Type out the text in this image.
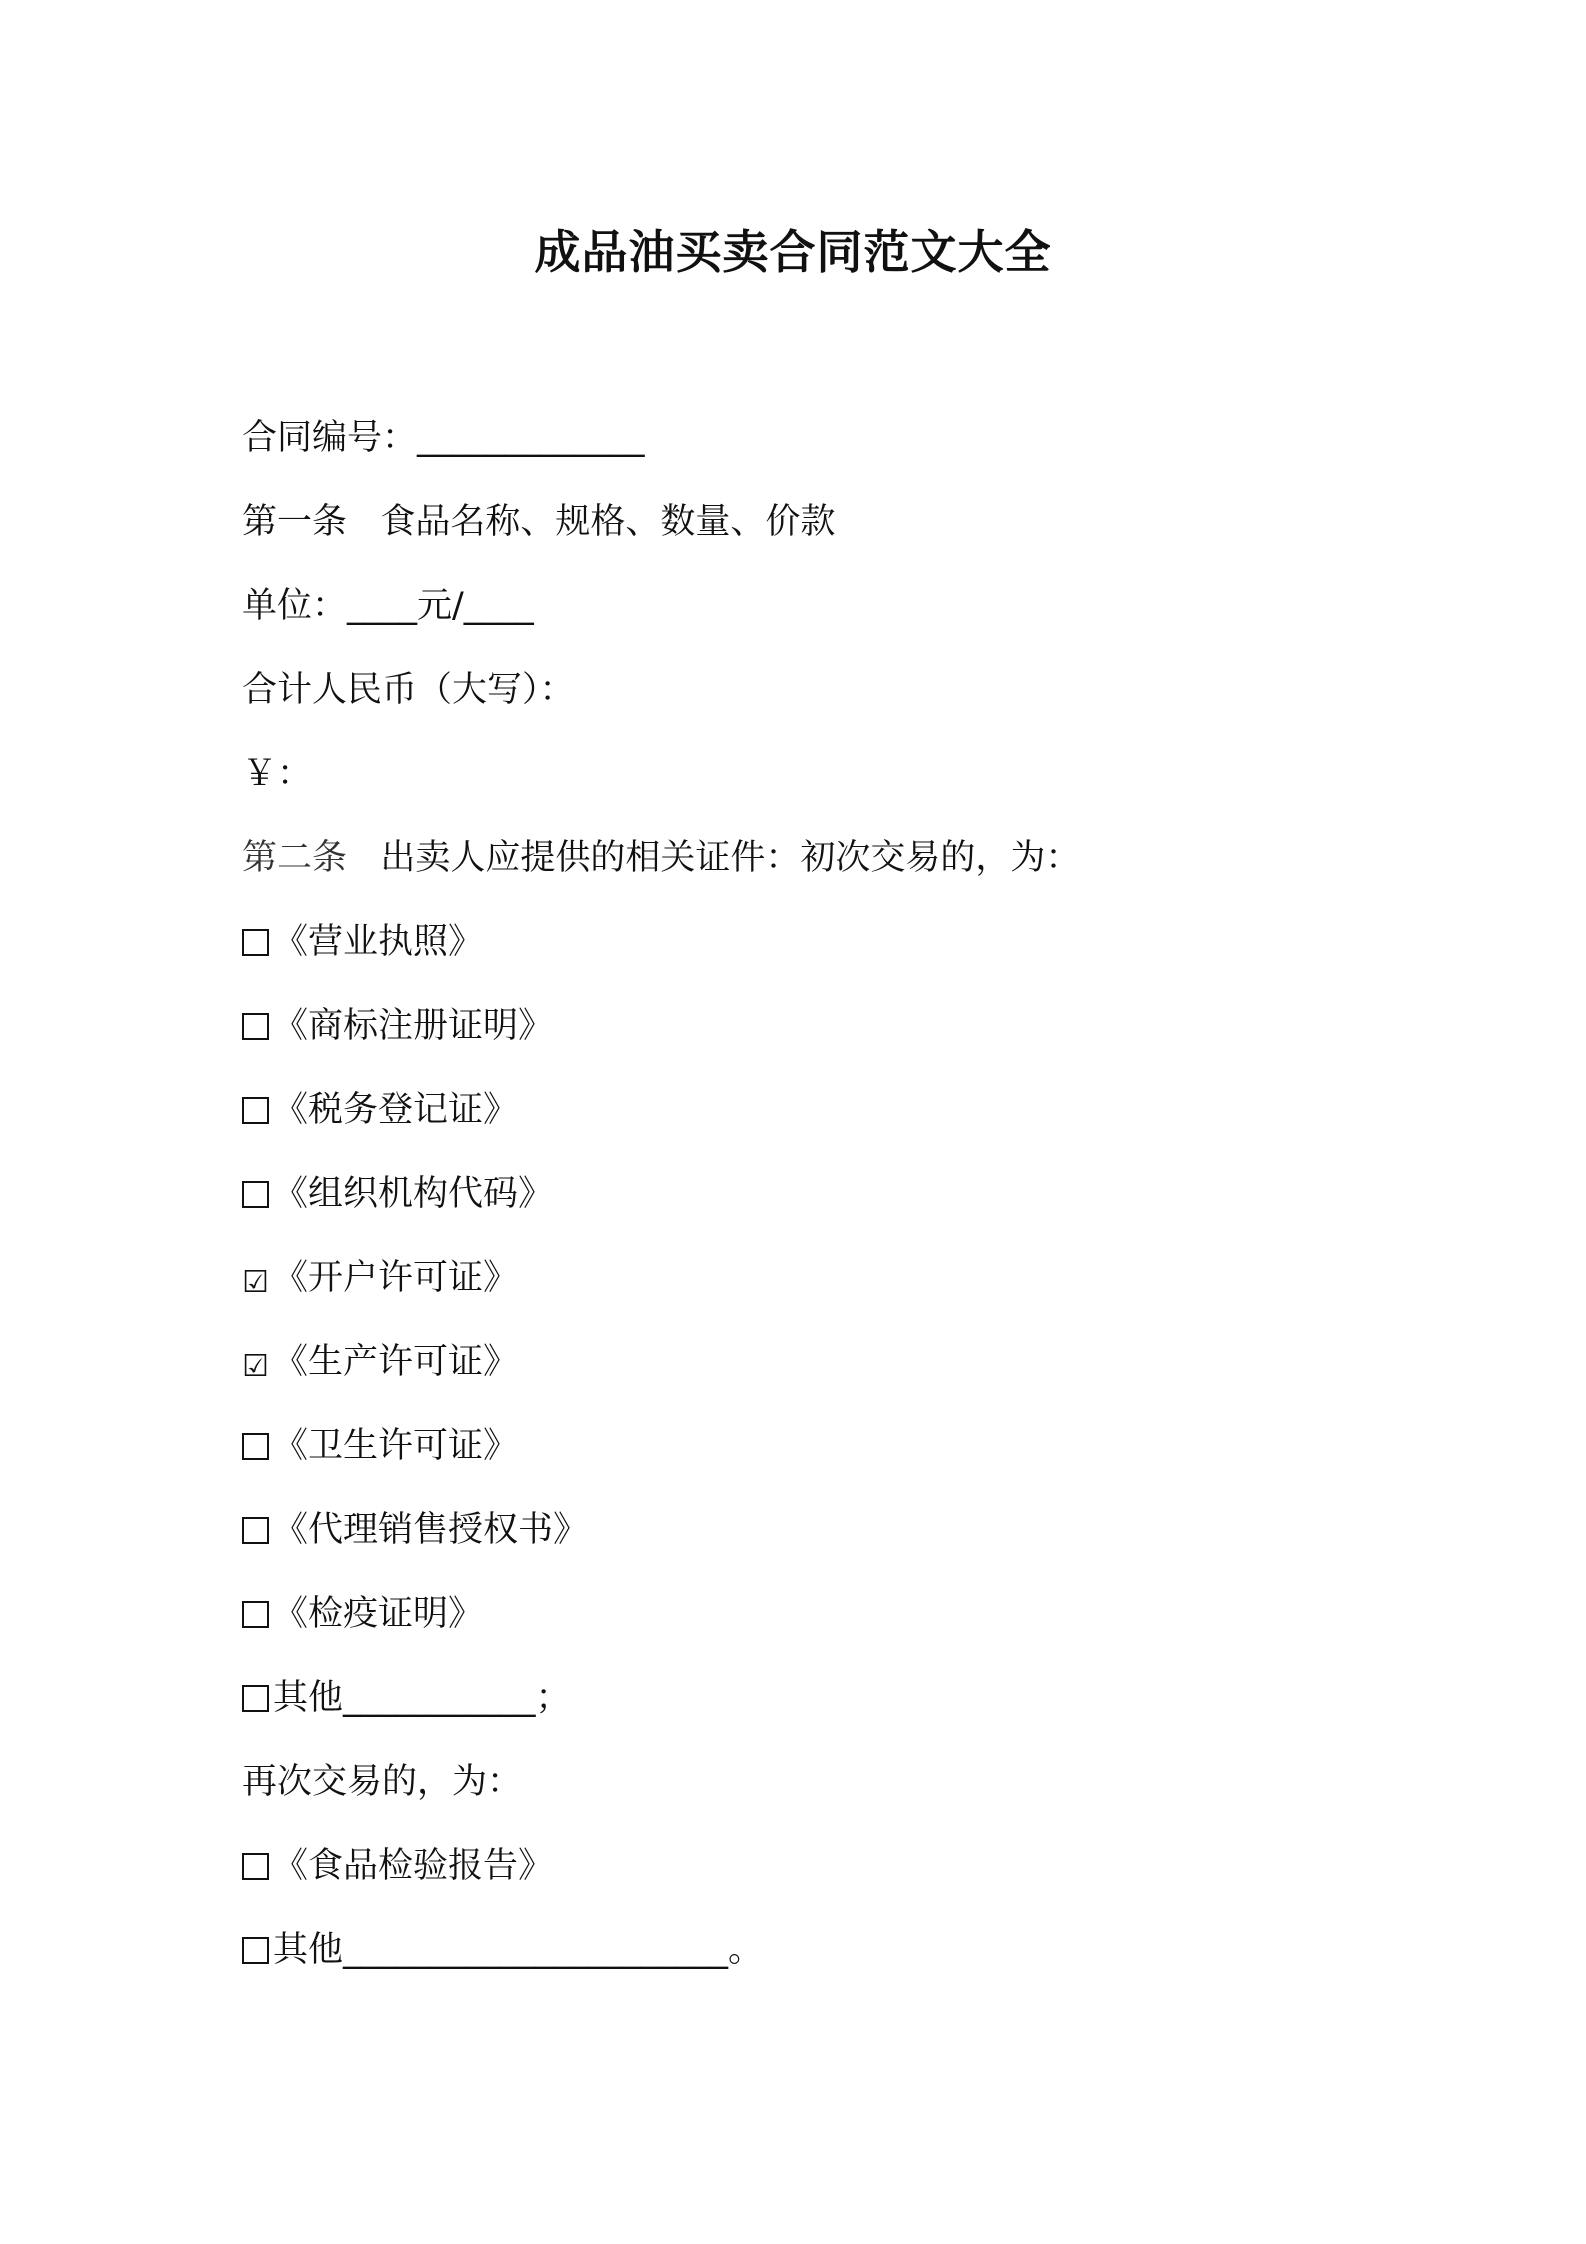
成品油买卖合同范文大全
合同编号：_____________
第一条 食品名称、规格、数量、价款
单位：____元/____
合计人民币（大写）：
￥：
第二条 出卖人应提供的相关证件：初次交易的，为：
《营业执照》
《商标注册证明》
《税务登记证》
《组织机构代码》
☑ 《开户许可证》
☑ 《生产许可证》
《卫生许可证》
《代理销售授权书》
《检疫证明》
其他___________；
再次交易的，为：
《食品检验报告》
其他______________________。
